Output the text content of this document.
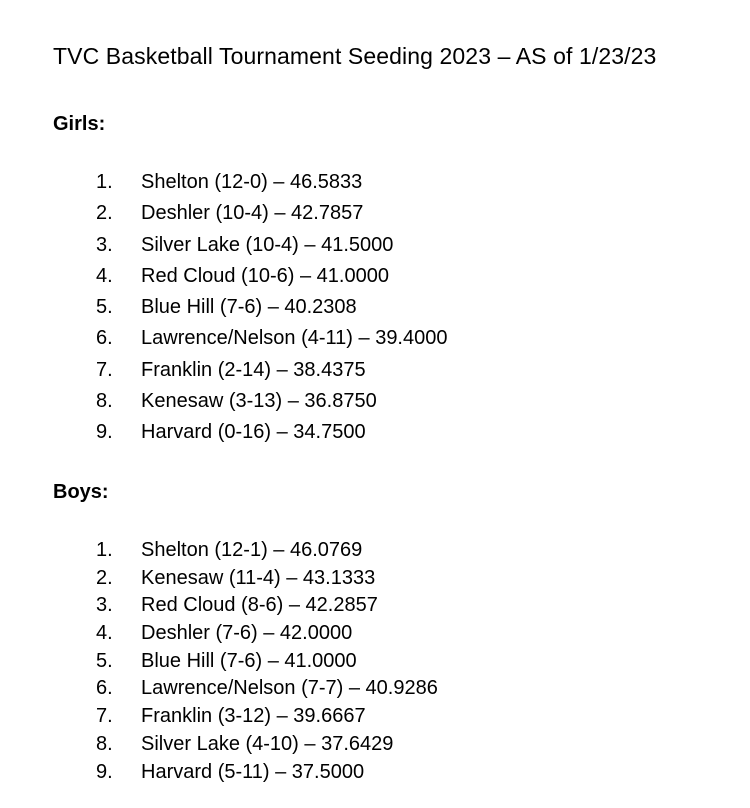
TVC Basketball Tournament Seeding 2023 – AS of 1/23/23
Girls:
1.	Shelton (12-0) – 46.5833
2.	Deshler (10-4) – 42.7857
3.	Silver Lake (10-4) – 41.5000
4.	Red Cloud (10-6) – 41.0000
5.	Blue Hill (7-6) – 40.2308
6.	Lawrence/Nelson (4-11) – 39.4000
7.	Franklin (2-14) – 38.4375
8.	Kenesaw (3-13) – 36.8750
9.	Harvard (0-16) – 34.7500
Boys:
1.	Shelton (12-1) – 46.0769
2.	Kenesaw (11-4) – 43.1333
3.	Red Cloud (8-6) – 42.2857
4.	Deshler (7-6) – 42.0000
5.	Blue Hill (7-6) – 41.0000
6.	Lawrence/Nelson (7-7) – 40.9286
7.	Franklin (3-12) – 39.6667
8.	Silver Lake (4-10) – 37.6429
9.	Harvard (5-11) – 37.5000
